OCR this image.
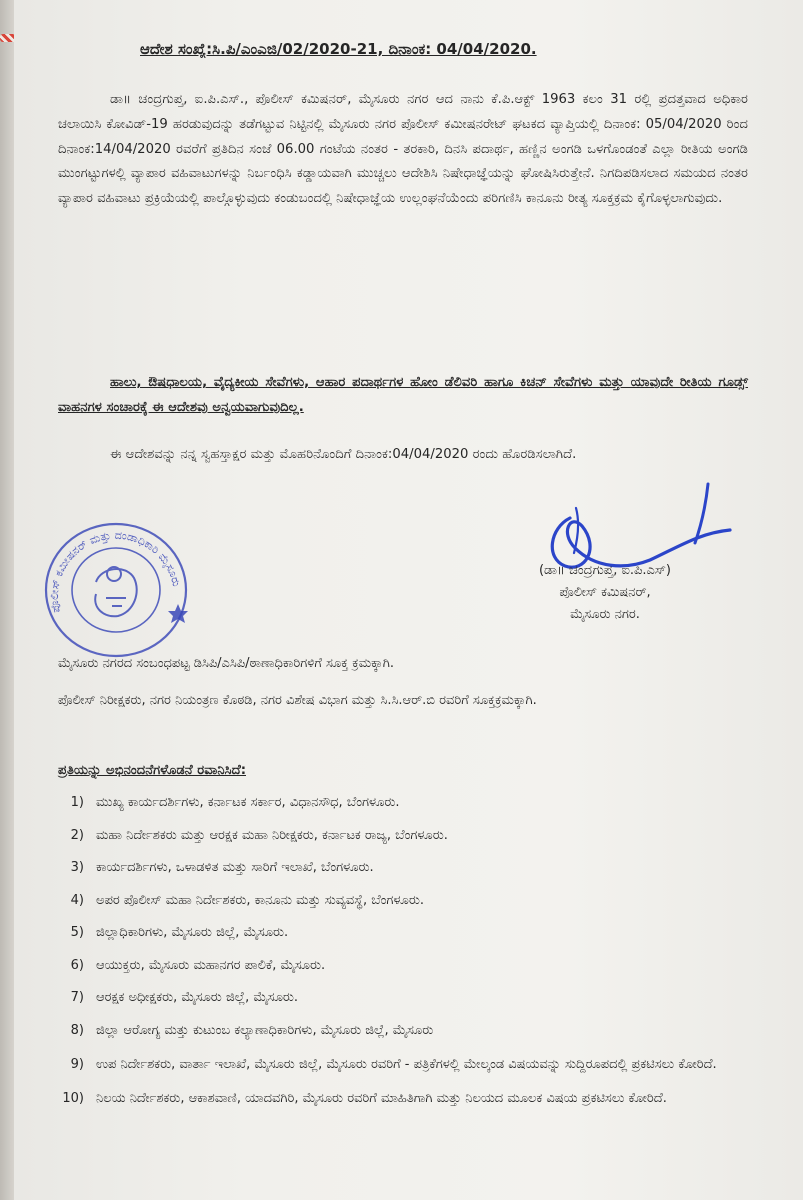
ಆದೇಶ ಸಂಖ್ಯೆ:ಸಿ.ಪಿ/ಎಂಎಜಿ/02/2020-21, ದಿನಾಂಕ: 04/04/2020.
ಡಾ॥ ಚಂದ್ರಗುಪ್ತ, ಐ.ಪಿ.ಎಸ್., ಪೊಲೀಸ್ ಕಮಿಷನರ್, ಮೈಸೂರು ನಗರ ಆದ ನಾನು ಕೆ.ಪಿ.ಆಕ್ಟ್ 1963 ಕಲಂ 31 ರಲ್ಲಿ ಪ್ರದತ್ತವಾದ ಅಧಿಕಾರ ಚಲಾಯಿಸಿ ಕೋವಿಡ್-19 ಹರಡುವುದನ್ನು ತಡೆಗಟ್ಟುವ ನಿಟ್ಟಿನಲ್ಲಿ ಮೈಸೂರು ನಗರ ಪೊಲೀಸ್ ಕಮೀಷನರೇಟ್ ಘಟಕದ ವ್ಯಾಪ್ತಿಯಲ್ಲಿ ದಿನಾಂಕ: 05/04/2020 ರಿಂದ ದಿನಾಂಕ:14/04/2020 ರವರೆಗೆ ಪ್ರತಿದಿನ ಸಂಜೆ 06.00 ಗಂಟೆಯ ನಂತರ - ತರಕಾರಿ, ದಿನಸಿ ಪದಾರ್ಥ, ಹಣ್ಣಿನ ಅಂಗಡಿ ಒಳಗೊಂಡಂತೆ ಎಲ್ಲಾ ರೀತಿಯ ಅಂಗಡಿ ಮುಂಗಟ್ಟುಗಳಲ್ಲಿ ವ್ಯಾಪಾರ ವಹಿವಾಟುಗಳನ್ನು ನಿರ್ಬಂಧಿಸಿ ಕಡ್ಡಾಯವಾಗಿ ಮುಚ್ಚಲು ಆದೇಶಿಸಿ ನಿಷೇಧಾಜ್ಞೆಯನ್ನು ಘೋಷಿಸಿರುತ್ತೇನೆ. ನಿಗದಿಪಡಿಸಲಾದ ಸಮಯದ ನಂತರ ವ್ಯಾಪಾರ ವಹಿವಾಟು ಪ್ರಕ್ರಿಯೆಯಲ್ಲಿ ಪಾಲ್ಗೊಳ್ಳುವುದು ಕಂಡುಬಂದಲ್ಲಿ ನಿಷೇಧಾಜ್ಞೆಯ ಉಲ್ಲಂಘನೆಯೆಂದು ಪರಿಗಣಿಸಿ ಕಾನೂನು ರೀತ್ಯ ಸೂಕ್ತಕ್ರಮ ಕೈಗೊಳ್ಳಲಾಗುವುದು.
ಹಾಲು, ಔಷಧಾಲಯ, ವೈದ್ಯಕೀಯ ಸೇವೆಗಳು, ಆಹಾರ ಪದಾರ್ಥಗಳ ಹೋಂ ಡೆಲಿವರಿ ಹಾಗೂ ಕಿಚನ್ ಸೇವೆಗಳು ಮತ್ತು ಯಾವುದೇ ರೀತಿಯ ಗೂಡ್ಸ್ ವಾಹನಗಳ ಸಂಚಾರಕ್ಕೆ ಈ ಆದೇಶವು ಅನ್ವಯವಾಗುವುದಿಲ್ಲ.
ಈ ಆದೇಶವನ್ನು ನನ್ನ ಸ್ವಹಸ್ತಾಕ್ಷರ ಮತ್ತು ಮೊಹರಿನೊಂದಿಗೆ ದಿನಾಂಕ:04/04/2020 ರಂದು ಹೊರಡಿಸಲಾಗಿದೆ.
(ಡಾ॥ ಚಂದ್ರಗುಪ್ತ, ಐ.ಪಿ.ಎಸ್)
ಪೊಲೀಸ್ ಕಮಿಷನರ್,
ಮೈಸೂರು ನಗರ.
ಪೊಲೀಸ್ ಕಮೀಷನರ್ ಮತ್ತು ದಂಡಾಧಿಕಾರಿ ಮೈಸೂರು
ಮೈಸೂರು ನಗರದ ಸಂಬಂಧಪಟ್ಟ ಡಿಸಿಪಿ/ಎಸಿಪಿ/ಠಾಣಾಧಿಕಾರಿಗಳಿಗೆ ಸೂಕ್ತ ಕ್ರಮಕ್ಕಾಗಿ.
ಪೊಲೀಸ್ ನಿರೀಕ್ಷಕರು, ನಗರ ನಿಯಂತ್ರಣ ಕೊಠಡಿ, ನಗರ ವಿಶೇಷ ವಿಭಾಗ ಮತ್ತು ಸಿ.ಸಿ.ಆರ್.ಬಿ ರವರಿಗೆ ಸೂಕ್ತಕ್ರಮಕ್ಕಾಗಿ.
ಪ್ರತಿಯನ್ನು ಅಭಿನಂದನೆಗಳೊಡನೆ ರವಾನಿಸಿದೆ:
1) ಮುಖ್ಯ ಕಾರ್ಯದರ್ಶಿಗಳು, ಕರ್ನಾಟಕ ಸರ್ಕಾರ, ವಿಧಾನಸೌಧ, ಬೆಂಗಳೂರು.
2) ಮಹಾ ನಿರ್ದೇಶಕರು ಮತ್ತು ಆರಕ್ಷಕ ಮಹಾ ನಿರೀಕ್ಷಕರು, ಕರ್ನಾಟಕ ರಾಜ್ಯ, ಬೆಂಗಳೂರು.
3) ಕಾರ್ಯದರ್ಶಿಗಳು, ಒಳಾಡಳಿತ ಮತ್ತು ಸಾರಿಗೆ ಇಲಾಖೆ, ಬೆಂಗಳೂರು.
4) ಅಪರ ಪೊಲೀಸ್ ಮಹಾ ನಿರ್ದೇಶಕರು, ಕಾನೂನು ಮತ್ತು ಸುವ್ಯವಸ್ಥೆ, ಬೆಂಗಳೂರು.
5) ಜಿಲ್ಲಾಧಿಕಾರಿಗಳು, ಮೈಸೂರು ಜಿಲ್ಲೆ, ಮೈಸೂರು.
6) ಆಯುಕ್ತರು, ಮೈಸೂರು ಮಹಾನಗರ ಪಾಲಿಕೆ, ಮೈಸೂರು.
7) ಆರಕ್ಷಕ ಅಧೀಕ್ಷಕರು, ಮೈಸೂರು ಜಿಲ್ಲೆ, ಮೈಸೂರು.
8) ಜಿಲ್ಲಾ ಆರೋಗ್ಯ ಮತ್ತು ಕುಟುಂಬ ಕಲ್ಯಾಣಾಧಿಕಾರಿಗಳು, ಮೈಸೂರು ಜಿಲ್ಲೆ, ಮೈಸೂರು
9) ಉಪ ನಿರ್ದೇಶಕರು, ವಾರ್ತಾ ಇಲಾಖೆ, ಮೈಸೂರು ಜಿಲ್ಲೆ, ಮೈಸೂರು ರವರಿಗೆ - ಪತ್ರಿಕೆಗಳಲ್ಲಿ ಮೇಲ್ಕಂಡ ವಿಷಯವನ್ನು ಸುದ್ದಿರೂಪದಲ್ಲಿ ಪ್ರಕಟಿಸಲು ಕೋರಿದೆ.
10) ನಿಲಯ ನಿರ್ದೇಶಕರು, ಆಕಾಶವಾಣಿ, ಯಾದವಗಿರಿ, ಮೈಸೂರು ರವರಿಗೆ ಮಾಹಿತಿಗಾಗಿ ಮತ್ತು ನಿಲಯದ ಮೂಲಕ ವಿಷಯ ಪ್ರಕಟಿಸಲು ಕೋರಿದೆ.
